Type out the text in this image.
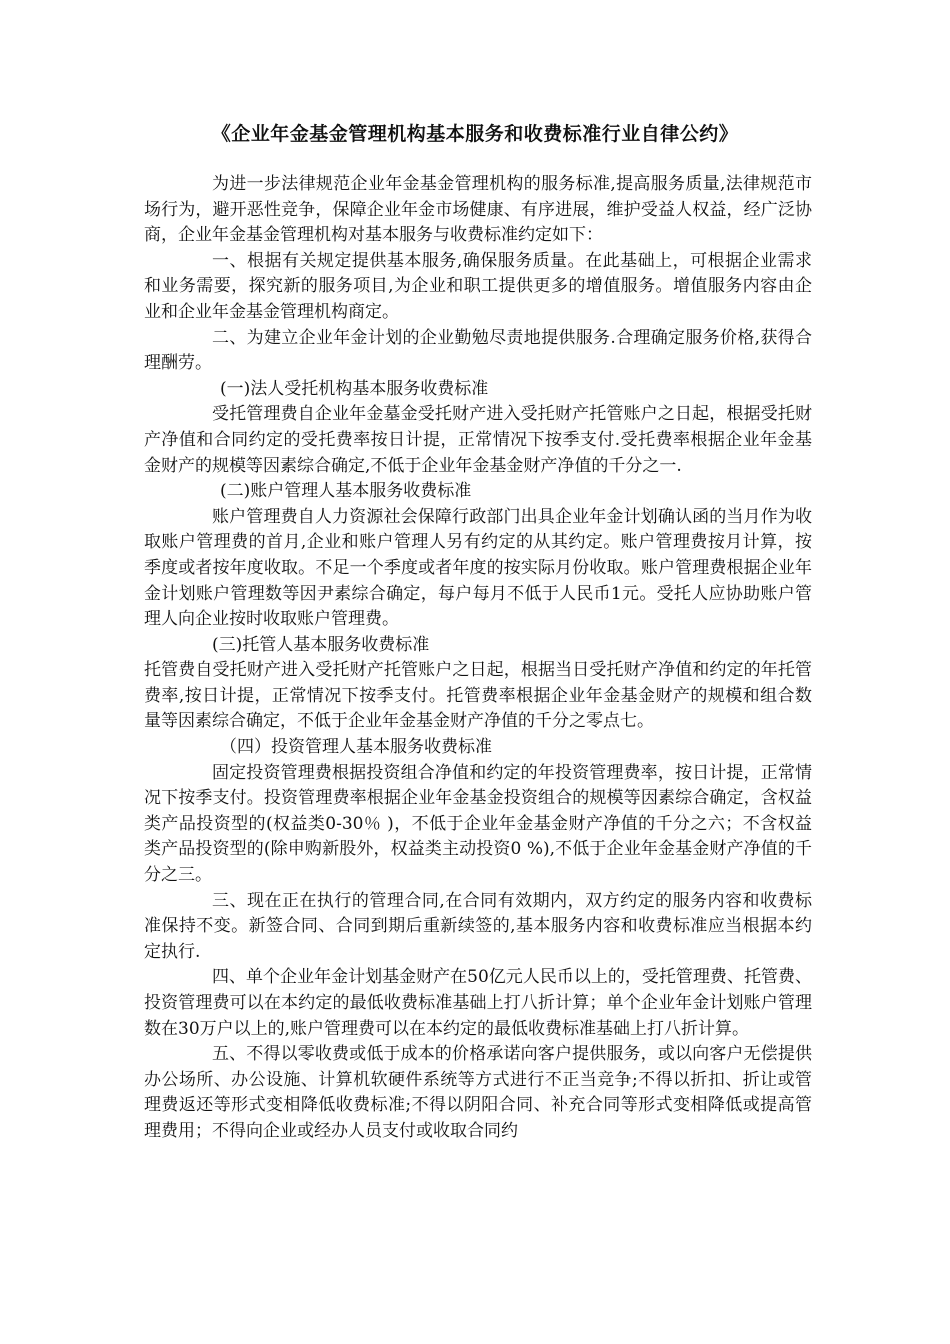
《企业年金基金管理机构基本服务和收费标准行业自律公约》

为进一步法律规范企业年金基金管理机构的服务标准,提高服务质量,法律规范市场行为，避开恶性竞争，保障企业年金市场健康、有序进展，维护受益人权益，经广泛协商，企业年金基金管理机构对基本服务与收费标准约定如下：

一、根据有关规定提供基本服务,确保服务质量。在此基础上，可根据企业需求和业务需要，探究新的服务项目,为企业和职工提供更多的增值服务。增值服务内容由企业和企业年金基金管理机构商定。

二、为建立企业年金计划的企业勤勉尽责地提供服务.合理确定服务价格,获得合理酬劳。

(一)法人受托机构基本服务收费标准

受托管理费自企业年金墓金受托财产进入受托财产托管账户之日起，根据受托财产净值和合同约定的受托费率按日计提，正常情况下按季支付.受托费率根据企业年金基金财产的规模等因素综合确定,不低于企业年金基金财产净值的千分之一.

(二)账户管理人基本服务收费标准

账户管理费自人力资源社会保障行政部门出具企业年金计划确认函的当月作为收取账户管理费的首月,企业和账户管理人另有约定的从其约定。账户管理费按月计算，按季度或者按年度收取。不足一个季度或者年度的按实际月份收取。账户管理费根据企业年金计划账户管理数等因尹素综合确定，每户每月不低于人民币1元。受托人应协助账户管理人向企业按时收取账户管理费。

(三)托管人基本服务收费标准

托管费自受托财产进入受托财产托管账户之日起，根据当日受托财产净值和约定的年托管费率,按日计提，正常情况下按季支付。托管费率根据企业年金基金财产的规模和组合数量等因素综合确定，不低于企业年金基金财产净值的千分之零点七。

（四）投资管理人基本服务收费标准

固定投资管理费根据投资组合净值和约定的年投资管理费率，按日计提，正常情况下按季支付。投资管理费率根据企业年金基金投资组合的规模等因素综合确定，含权益类产品投资型的(权益类0-30％ )，不低于企业年金基金财产净值的千分之六；不含权益类产品投资型的(除申购新股外，权益类主动投资0 %),不低于企业年金基金财产净值的千分之三。

三、现在正在执行的管理合同,在合同有效期内，双方约定的服务内容和收费标准保持不变。新签合同、合同到期后重新续签的,基本服务内容和收费标准应当根据本约定执行.

四、单个企业年金计划基金财产在50亿元人民币以上的，受托管理费、托管费、投资管理费可以在本约定的最低收费标准基础上打八折计算；单个企业年金计划账户管理数在30万户以上的,账户管理费可以在本约定的最低收费标准基础上打八折计算。

五、不得以零收费或低于成本的价格承诺向客户提供服务，或以向客户无偿提供办公场所、办公设施、计算机软硬件系统等方式进行不正当竞争;不得以折扣、折让或管理费返还等形式变相降低收费标准;不得以阴阳合同、补充合同等形式变相降低或提高管理费用；不得向企业或经办人员支付或收取合同约
